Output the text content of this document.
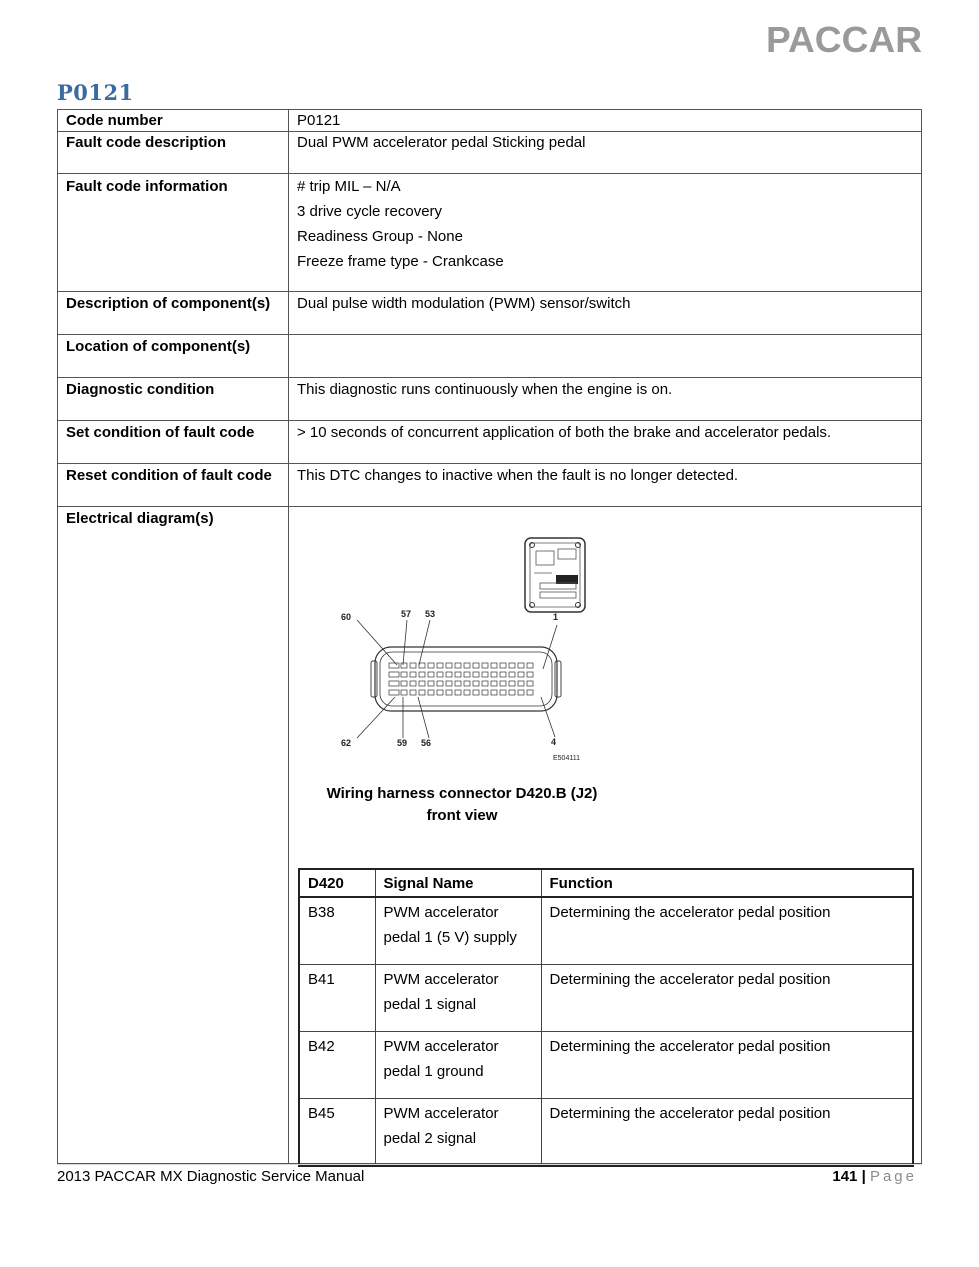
PACCAR
P0121
Code number	P0121
Fault code description	Dual PWM accelerator pedal Sticking pedal
Fault code information	# trip MIL – N/A
3 drive cycle recovery
Readiness Group - None
Freeze frame type - Crankcase

Description of component(s)	Dual pulse width modulation (PWM) sensor/switch
Location of component(s)	
Diagnostic condition	This diagnostic runs continuously when the engine is on.
Set condition of fault code	> 10 seconds of concurrent application of both the brake and accelerator pedals.
Reset condition of fault code	This DTC changes to inactive when the fault is no longer detected.
Electrical diagram(s)	
60	57 53	1
62	59 56	4
E504111
Wiring harness connector D420.B (J2)
front view
D420	Signal Name	Function
B38	PWM accelerator pedal 1 (5 V) supply	Determining the accelerator pedal position
B41	PWM accelerator pedal 1 signal	Determining the accelerator pedal position
B42	PWM accelerator pedal 1 ground	Determining the accelerator pedal position
B45	PWM accelerator pedal 2 signal	Determining the accelerator pedal position
2013 PACCAR MX Diagnostic Service Manual	141 | Page
